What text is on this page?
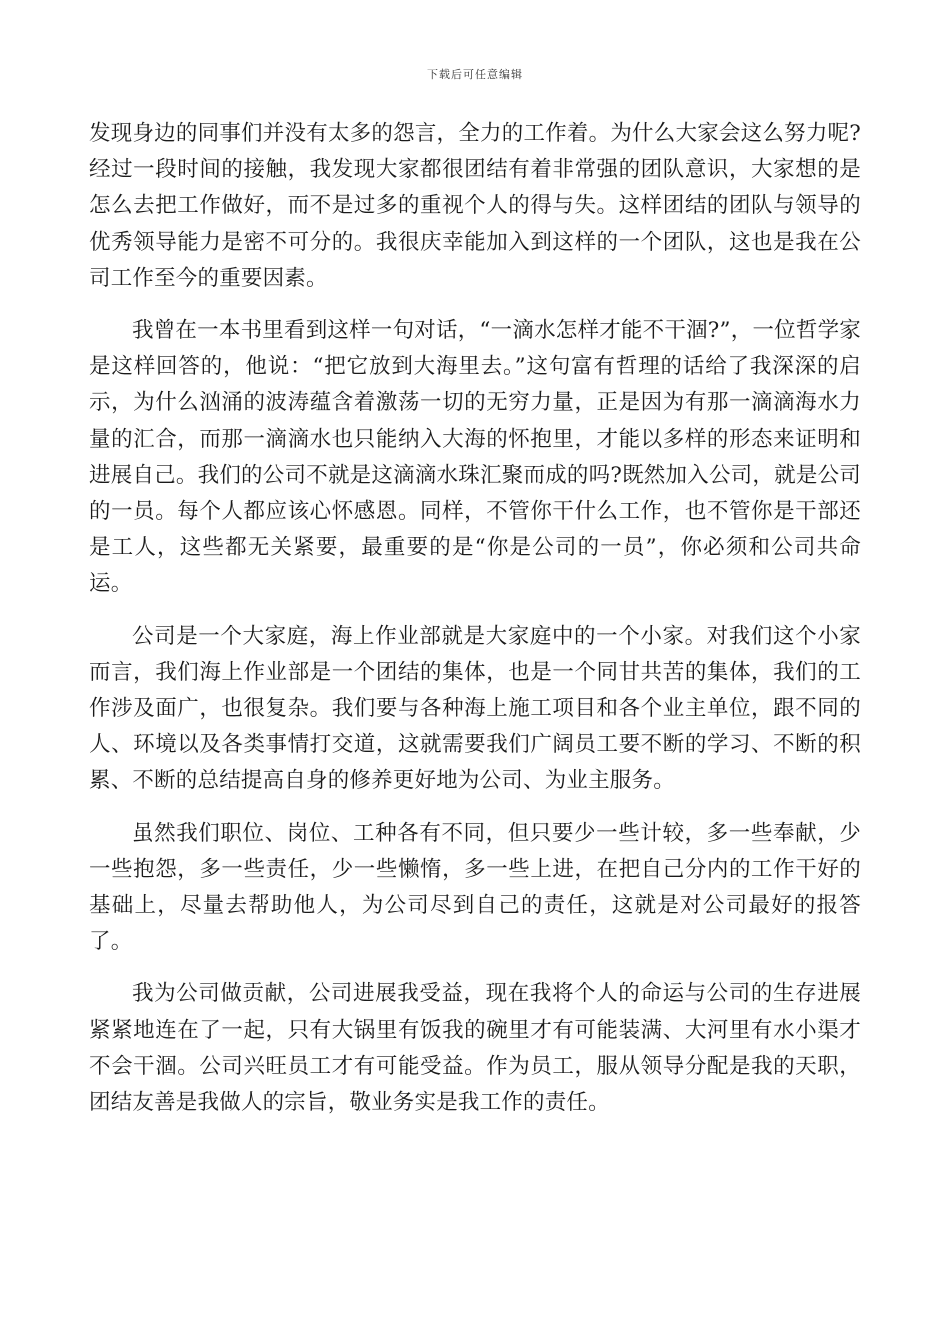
下载后可任意编辑

发现身边的同事们并没有太多的怨言，全力的工作着。为什么大家会这么努力呢?经过一段时间的接触，我发现大家都很团结有着非常强的团队意识，大家想的是怎么去把工作做好，而不是过多的重视个人的得与失。这样团结的团队与领导的优秀领导能力是密不可分的。我很庆幸能加入到这样的一个团队，这也是我在公司工作至今的重要因素。

我曾在一本书里看到这样一句对话，“一滴水怎样才能不干涸?”，一位哲学家是这样回答的，他说：“把它放到大海里去。”这句富有哲理的话给了我深深的启示，为什么汹涌的波涛蕴含着激荡一切的无穷力量，正是因为有那一滴滴海水力量的汇合，而那一滴滴水也只能纳入大海的怀抱里，才能以多样的形态来证明和进展自己。我们的公司不就是这滴滴水珠汇聚而成的吗?既然加入公司，就是公司的一员。每个人都应该心怀感恩。同样，不管你干什么工作，也不管你是干部还是工人，这些都无关紧要，最重要的是“你是公司的一员”，你必须和公司共命运。

公司是一个大家庭，海上作业部就是大家庭中的一个小家。对我们这个小家而言，我们海上作业部是一个团结的集体，也是一个同甘共苦的集体，我们的工作涉及面广，也很复杂。我们要与各种海上施工项目和各个业主单位，跟不同的人、环境以及各类事情打交道，这就需要我们广阔员工要不断的学习、不断的积累、不断的总结提高自身的修养更好地为公司、为业主服务。

虽然我们职位、岗位、工种各有不同，但只要少一些计较，多一些奉献，少一些抱怨，多一些责任，少一些懒惰，多一些上进，在把自己分内的工作干好的基础上，尽量去帮助他人，为公司尽到自己的责任，这就是对公司最好的报答了。

我为公司做贡献，公司进展我受益，现在我将个人的命运与公司的生存进展紧紧地连在了一起，只有大锅里有饭我的碗里才有可能装满、大河里有水小渠才不会干涸。公司兴旺员工才有可能受益。作为员工，服从领导分配是我的天职，团结友善是我做人的宗旨，敬业务实是我工作的责任。
